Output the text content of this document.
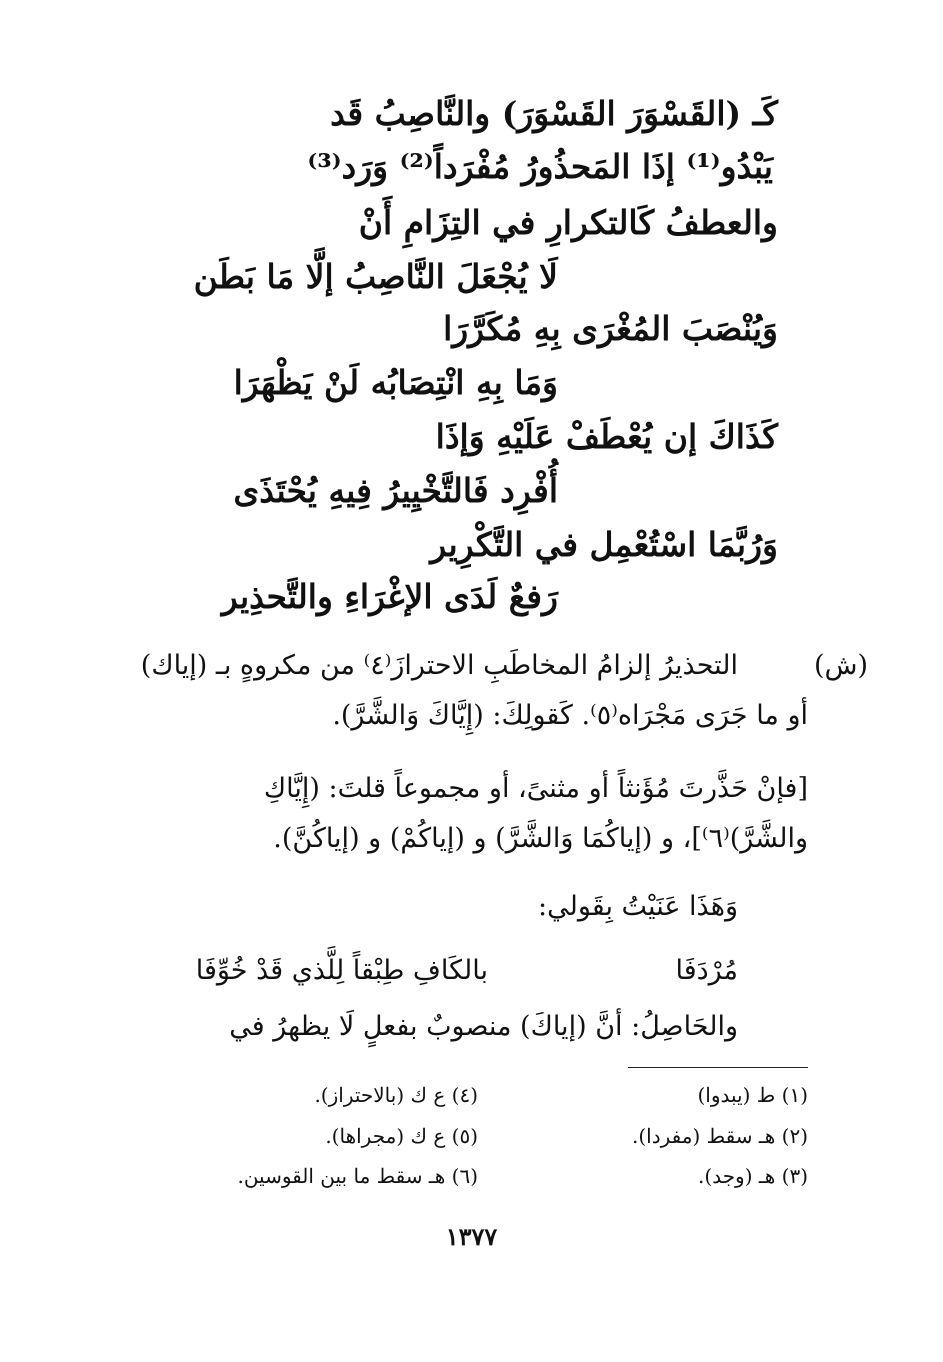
كَـ (القَسْوَرَ القَسْوَرَ) والنَّاصِبُ قَد
يَبْدُو⁽¹⁾ إذَا المَحذُورُ مُفْرَداً⁽²⁾ وَرَد⁽³⁾
والعطفُ كَالتكرارِ في التِزَامِ أَنْ
لَا يُجْعَلَ النَّاصِبُ إلَّا مَا بَطَن
وَيُنْصَبَ المُغْرَى بِهِ مُكَرَّرَا
وَمَا بِهِ انْتِصَابُه لَنْ يَظْهَرَا
كَذَاكَ إن يُعْطَفْ عَلَيْهِ وَإذَا
أُفْرِد فَالتَّخْيِيرُ فِيهِ يُحْتَذَى
وَرُبَّمَا اسْتُعْمِل في التَّكْرِير
رَفعٌ لَدَى الإغْرَاءِ والتَّحذِير
(ش)
التحذيرُ إلزامُ المخاطَبِ الاحترازَ⁽٤⁾ من مكروهٍ بـ (إياك)
أو ما جَرَى مَجْرَاه⁽٥⁾. كَقولِكَ: (إِيَّاكَ وَالشَّرَّ).
[فإنْ حَذَّرتَ مُؤَنثاً أو مثنىً، أو مجموعاً قلتَ: (إِيَّاكِ
والشَّرَّ)⁽٦⁾]، و (إياكُمَا وَالشَّرَّ) و (إياكُمْ) و (إياكُنَّ).
وَهَذَا عَنَيْتُ بِقَولي:
مُرْدَفَا
بالكَافِ طِبْقاً لِلَّذي قَدْ خُوِّفَا
والحَاصِلُ: أنَّ (إياكَ) منصوبٌ بفعلٍ لَا يظهرُ في
(١) ط (يبدوا)
(٢) هـ سقط (مفردا).
(٣) هـ (وجد).
(٤) ع ك (بالاحتراز).
(٥) ع ك (مجراها).
(٦) هـ سقط ما بين القوسين.
١٣٧٧
